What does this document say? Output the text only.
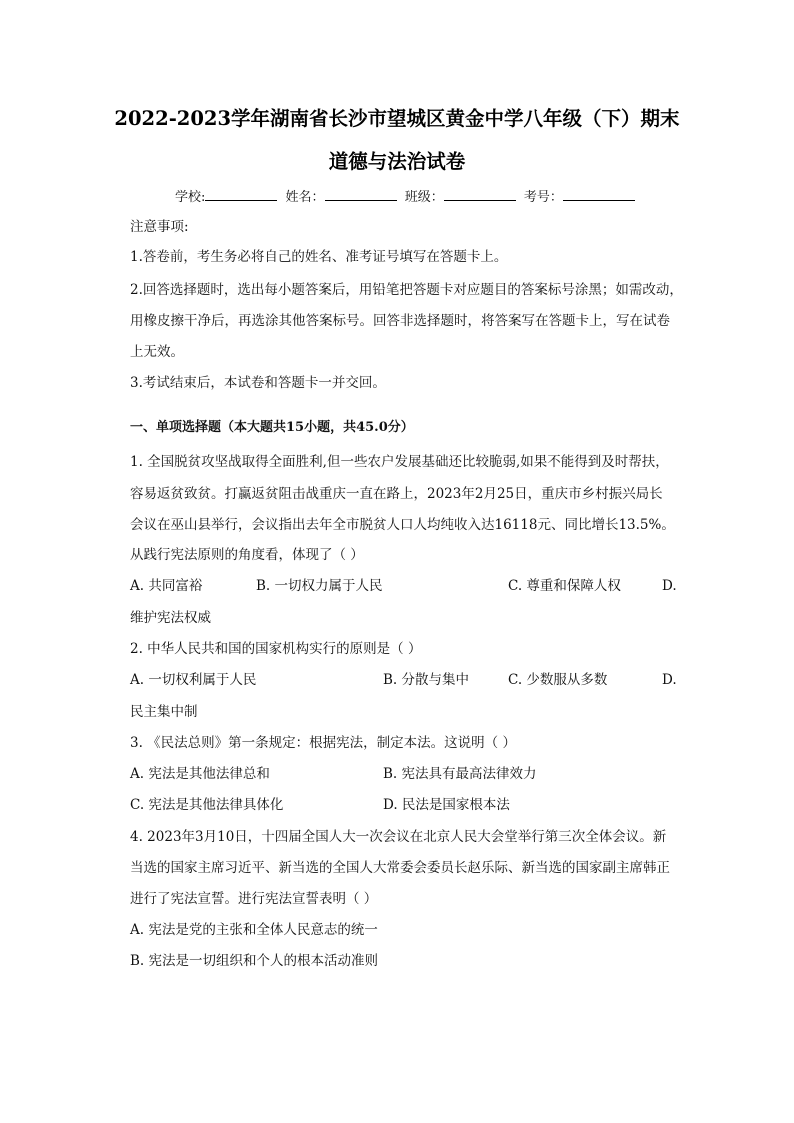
2022-2023学年湖南省长沙市望城区黄金中学八年级（下）期末
道德与法治试卷
学校:	姓名：	班级：	考号：
注意事项:
1.答卷前，考生务必将自己的姓名、准考证号填写在答题卡上。
2.回答选择题时，选出每小题答案后，用铅笔把答题卡对应题目的答案标号涂黑；如需改动，
用橡皮擦干净后，再选涂其他答案标号。回答非选择题时，将答案写在答题卡上，写在试卷
上无效。
3.考试结束后，本试卷和答题卡一并交回。
一、单项选择题（本大题共15小题，共45.0分）
1. 全国脱贫攻坚战取得全面胜利,但一些农户发展基础还比较脆弱,如果不能得到及时帮扶，
容易返贫致贫。打赢返贫阻击战重庆一直在路上，2023年2月25日，重庆市乡村振兴局长
会议在巫山县举行，会议指出去年全市脱贫人口人均纯收入达16118元、同比增长13.5%。
从践行宪法原则的角度看，体现了（ ）
A. 共同富裕	B. 一切权力属于人民	C. 尊重和保障人权	D.
维护宪法权威
2. 中华人民共和国的国家机构实行的原则是（ ）
A. 一切权利属于人民	B. 分散与集中	C. 少数服从多数	D.
民主集中制
3. 《民法总则》第一条规定：根据宪法，制定本法。这说明（ ）
A. 宪法是其他法律总和	B. 宪法具有最高法律效力
C. 宪法是其他法律具体化	D. 民法是国家根本法
4. 2023年3月10日，十四届全国人大一次会议在北京人民大会堂举行第三次全体会议。新
当选的国家主席习近平、新当选的全国人大常委会委员长赵乐际、新当选的国家副主席韩正
进行了宪法宣誓。进行宪法宣誓表明（ ）
A. 宪法是党的主张和全体人民意志的统一
B. 宪法是一切组织和个人的根本活动准则
